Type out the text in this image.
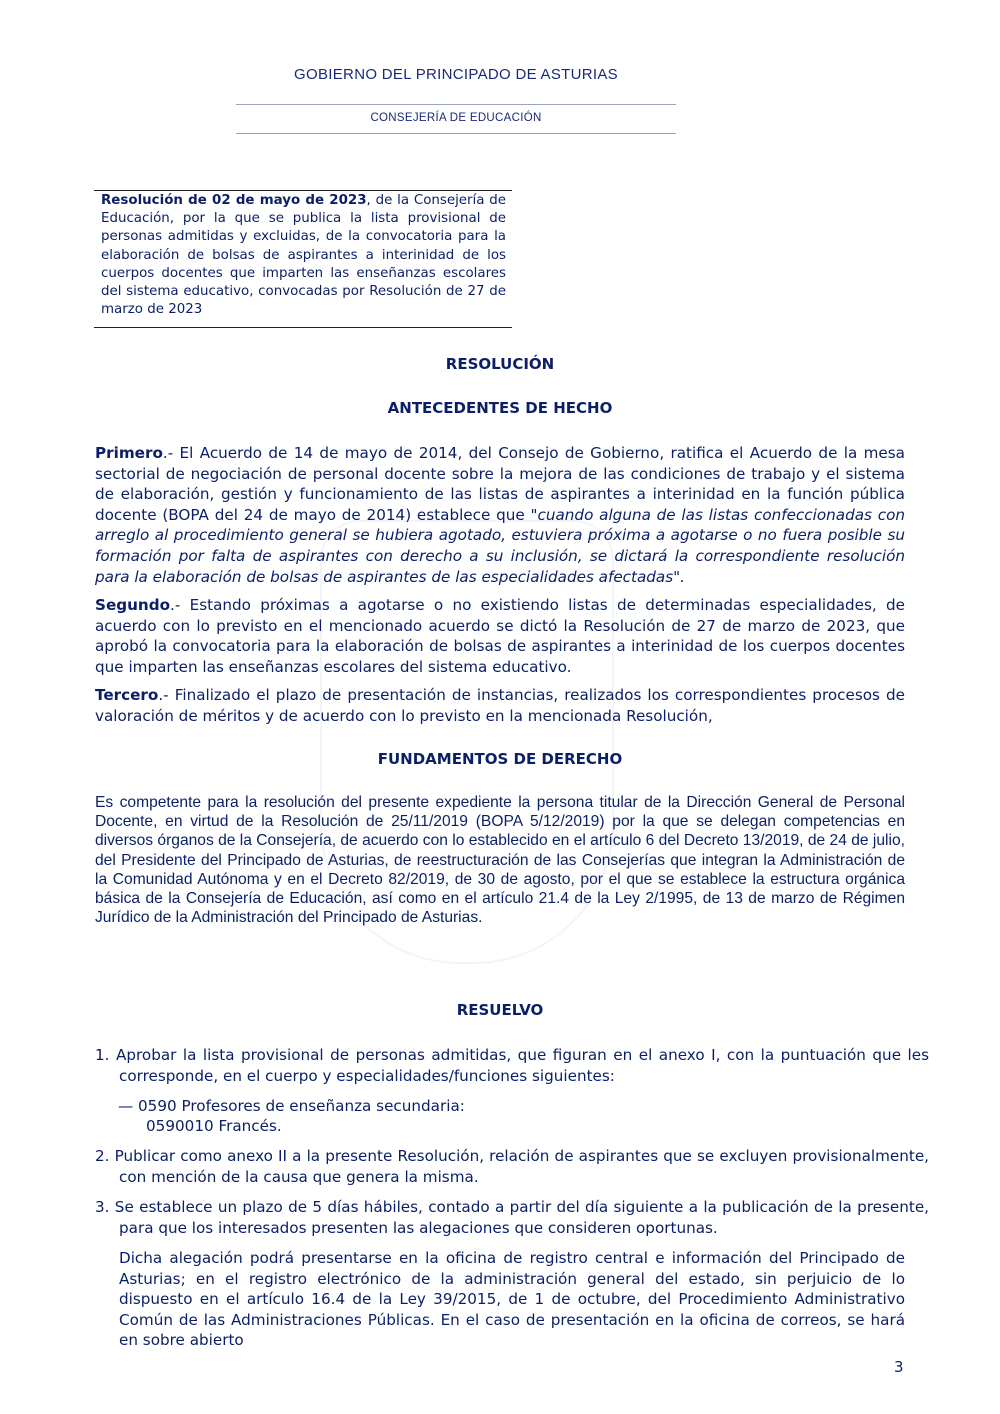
GOBIERNO DEL PRINCIPADO DE ASTURIAS
CONSEJERÍA DE EDUCACIÓN
Resolución de 02 de mayo de 2023, de la Consejería de Educación, por la que se publica la lista provisional de personas admitidas y excluidas, de la convocatoria para la elaboración de bolsas de aspirantes a interinidad de los cuerpos docentes que imparten las enseñanzas escolares del sistema educativo, convocadas por Resolución de 27 de marzo de 2023
RESOLUCIÓN
ANTECEDENTES DE HECHO
Primero.- El Acuerdo de 14 de mayo de 2014, del Consejo de Gobierno, ratifica el Acuerdo de la mesa sectorial de negociación de personal docente sobre la mejora de las condiciones de trabajo y el sistema de elaboración, gestión y funcionamiento de las listas de aspirantes a interinidad en la función pública docente (BOPA del 24 de mayo de 2014) establece que "cuando alguna de las listas confeccionadas con arreglo al procedimiento general se hubiera agotado, estuviera próxima a agotarse o no fuera posible su formación por falta de aspirantes con derecho a su inclusión, se dictará la correspondiente resolución para la elaboración de bolsas de aspirantes de las especialidades afectadas".
Segundo.- Estando próximas a agotarse o no existiendo listas de determinadas especialidades, de acuerdo con lo previsto en el mencionado acuerdo se dictó la Resolución de 27 de marzo de 2023, que aprobó la convocatoria para la elaboración de bolsas de aspirantes a interinidad de los cuerpos docentes que imparten las enseñanzas escolares del sistema educativo.
Tercero.- Finalizado el plazo de presentación de instancias, realizados los correspondientes procesos de valoración de méritos y de acuerdo con lo previsto en la mencionada Resolución,
FUNDAMENTOS DE DERECHO
Es competente para la resolución del presente expediente la persona titular de la Dirección General de Personal Docente, en virtud de la Resolución de 25/11/2019 (BOPA 5/12/2019) por la que se delegan competencias en diversos órganos de la Consejería, de acuerdo con lo establecido en el artículo 6 del Decreto 13/2019, de 24 de julio, del Presidente del Principado de Asturias, de reestructuración de las Consejerías que integran la Administración de la Comunidad Autónoma y en el Decreto 82/2019, de 30 de agosto, por el que se establece la estructura orgánica básica de la Consejería de Educación, así como en el artículo 21.4 de la Ley 2/1995, de 13 de marzo de Régimen Jurídico de la Administración del Principado de Asturias.
RESUELVO
1. Aprobar la lista provisional de personas admitidas, que figuran en el anexo I, con la puntuación que les corresponde, en el cuerpo y especialidades/funciones siguientes:
— 0590 Profesores de enseñanza secundaria:
0590010 Francés.
2. Publicar como anexo II a la presente Resolución, relación de aspirantes que se excluyen provisionalmente, con mención de la causa que genera la misma.
3. Se establece un plazo de 5 días hábiles, contado a partir del día siguiente a la publicación de la presente, para que los interesados presenten las alegaciones que consideren oportunas.
Dicha alegación podrá presentarse en la oficina de registro central e información del Principado de Asturias; en el registro electrónico de la administración general del estado, sin perjuicio de lo dispuesto en el artículo 16.4 de la Ley 39/2015, de 1 de octubre, del Procedimiento Administrativo Común de las Administraciones Públicas. En el caso de presentación en la oficina de correos, se hará en sobre abierto
3
